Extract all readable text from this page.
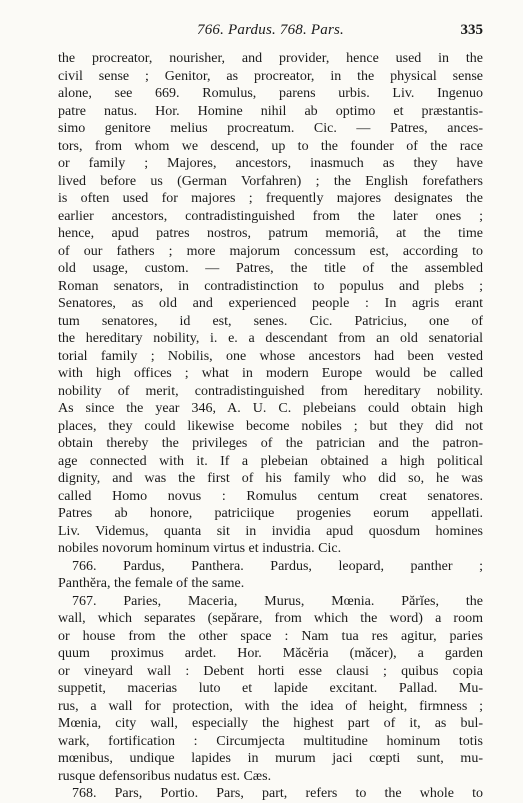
766. Pardus. 768. Pars.	335
the procreator, nourisher, and provider, hence used in the
civil sense ; Genitor, as procreator, in the physical sense
alone, see 669. Romulus, parens urbis. Liv. Ingenuo
patre natus. Hor. Homine nihil ab optimo et præstantis-
simo genitore melius procreatum. Cic. — Patres, ances-
tors, from whom we descend, up to the founder of the race
or family ; Majores, ancestors, inasmuch as they have
lived before us (German Vorfahren) ; the English forefathers
is often used for majores ; frequently majores designates the
earlier ancestors, contradistinguished from the later ones ;
hence, apud patres nostros, patrum memoriâ, at the time
of our fathers ; more majorum concessum est, according to
old usage, custom. — Patres, the title of the assembled
Roman senators, in contradistinction to populus and plebs ;
Senatores, as old and experienced people : In agris erant
tum senatores, id est, senes. Cic. Patricius, one of
the hereditary nobility, i. e. a descendant from an old senatorial
torial family ; Nobilis, one whose ancestors had been vested
with high offices ; what in modern Europe would be called
nobility of merit, contradistinguished from hereditary nobility.
As since the year 346, A. U. C. plebeians could obtain high
places, they could likewise become nobiles ; but they did not
obtain thereby the privileges of the patrician and the patron-
age connected with it. If a plebeian obtained a high political
dignity, and was the first of his family who did so, he was
called Homo novus : Romulus centum creat senatores.
Patres ab honore, patriciique progenies eorum appellati.
Liv. Videmus, quanta sit in invidia apud quosdum homines
nobiles novorum hominum virtus et industria. Cic.
766. Pardus, Panthera. Pardus, leopard, panther ;
Panthĕra, the female of the same.
767. Paries, Maceria, Murus, Mœnia. Părĭes, the
wall, which separates (sepărare, from which the word) a room
or house from the other space : Nam tua res agitur, paries
quum proximus ardet. Hor. Măcĕria (măcer), a garden
or vineyard wall : Debent horti esse clausi ; quibus copia
suppetit, macerias luto et lapide excitant. Pallad. Mu-
rus, a wall for protection, with the idea of height, firmness ;
Mœnia, city wall, especially the highest part of it, as bul-
wark, fortification : Circumjecta multitudine hominum totis
mœnibus, undique lapides in murum jaci cœpti sunt, mu-
rusque defensoribus nudatus est. Cæs.
768. Pars, Portio. Pars, part, refers to the whole to
